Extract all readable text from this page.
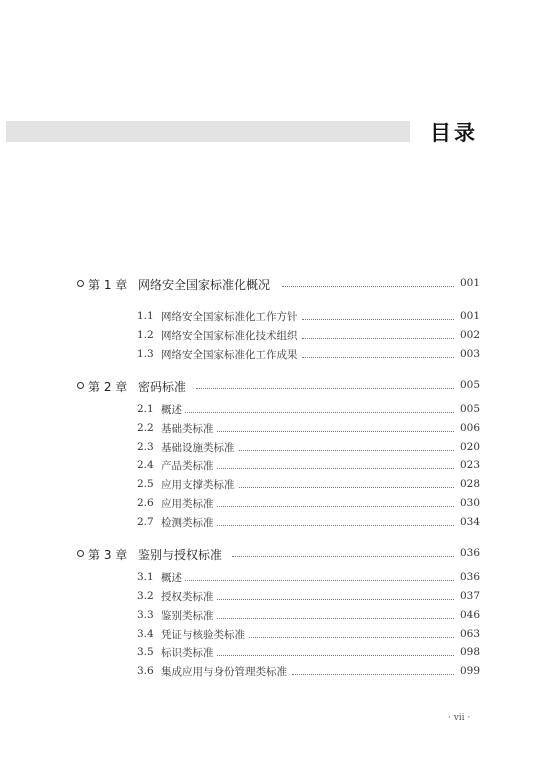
目录
第 1 章 网络安全国家标准化概况	001
1.1 网络安全国家标准化工作方针	001
1.2 网络安全国家标准化技术组织	002
1.3 网络安全国家标准化工作成果	003
第 2 章 密码标准	005
2.1 概述	005
2.2 基础类标准	006
2.3 基础设施类标准	020
2.4 产品类标准	023
2.5 应用支撑类标准	028
2.6 应用类标准	030
2.7 检测类标准	034
第 3 章 鉴别与授权标准	036
3.1 概述	036
3.2 授权类标准	037
3.3 鉴别类标准	046
3.4 凭证与核验类标准	063
3.5 标识类标准	098
3.6 集成应用与身份管理类标准	099
· vii ·
